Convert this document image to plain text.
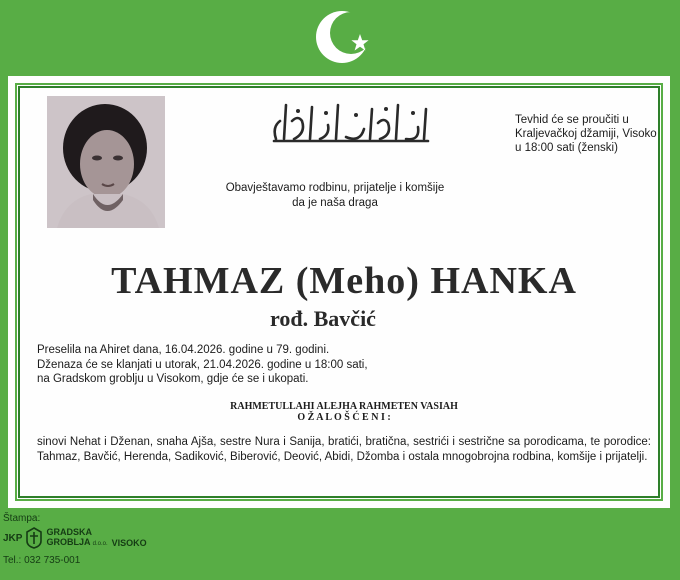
Tevhid će se proučiti u
Kraljevačkoj džamiji, Visoko
u 18:00 sati (ženski)
Obavještavamo rodbinu, prijatelje i komšije
da je naša draga
TAHMAZ (Meho) HANKA
rođ. Bavčić
Preselila na Ahiret dana, 16.04.2026. godine u 79. godini.
Dženaza će se klanjati u utorak, 21.04.2026. godine u 18:00 sati,
na Gradskom groblju u Visokom, gdje će se i ukopati.
RAHMETULLAHI ALEJHA RAHMETEN VASIAH
O Ž A L O Š Ć E N I :
sinovi Nehat i Dženan, snaha Ajša, sestre Nura i Sanija, bratići, bratična, sestrići i sestrične sa porodicama, te porodice: Tahmaz, Bavčić, Herenda, Sadiković, Biberović, Deović, Abidi, Džomba i ostala mnogobrojna rodbina, komšije i prijatelji.
Štampa:
JKP
GRADSKA
GROBLJA d.o.o. VISOKO
Tel.: 032 735-001
